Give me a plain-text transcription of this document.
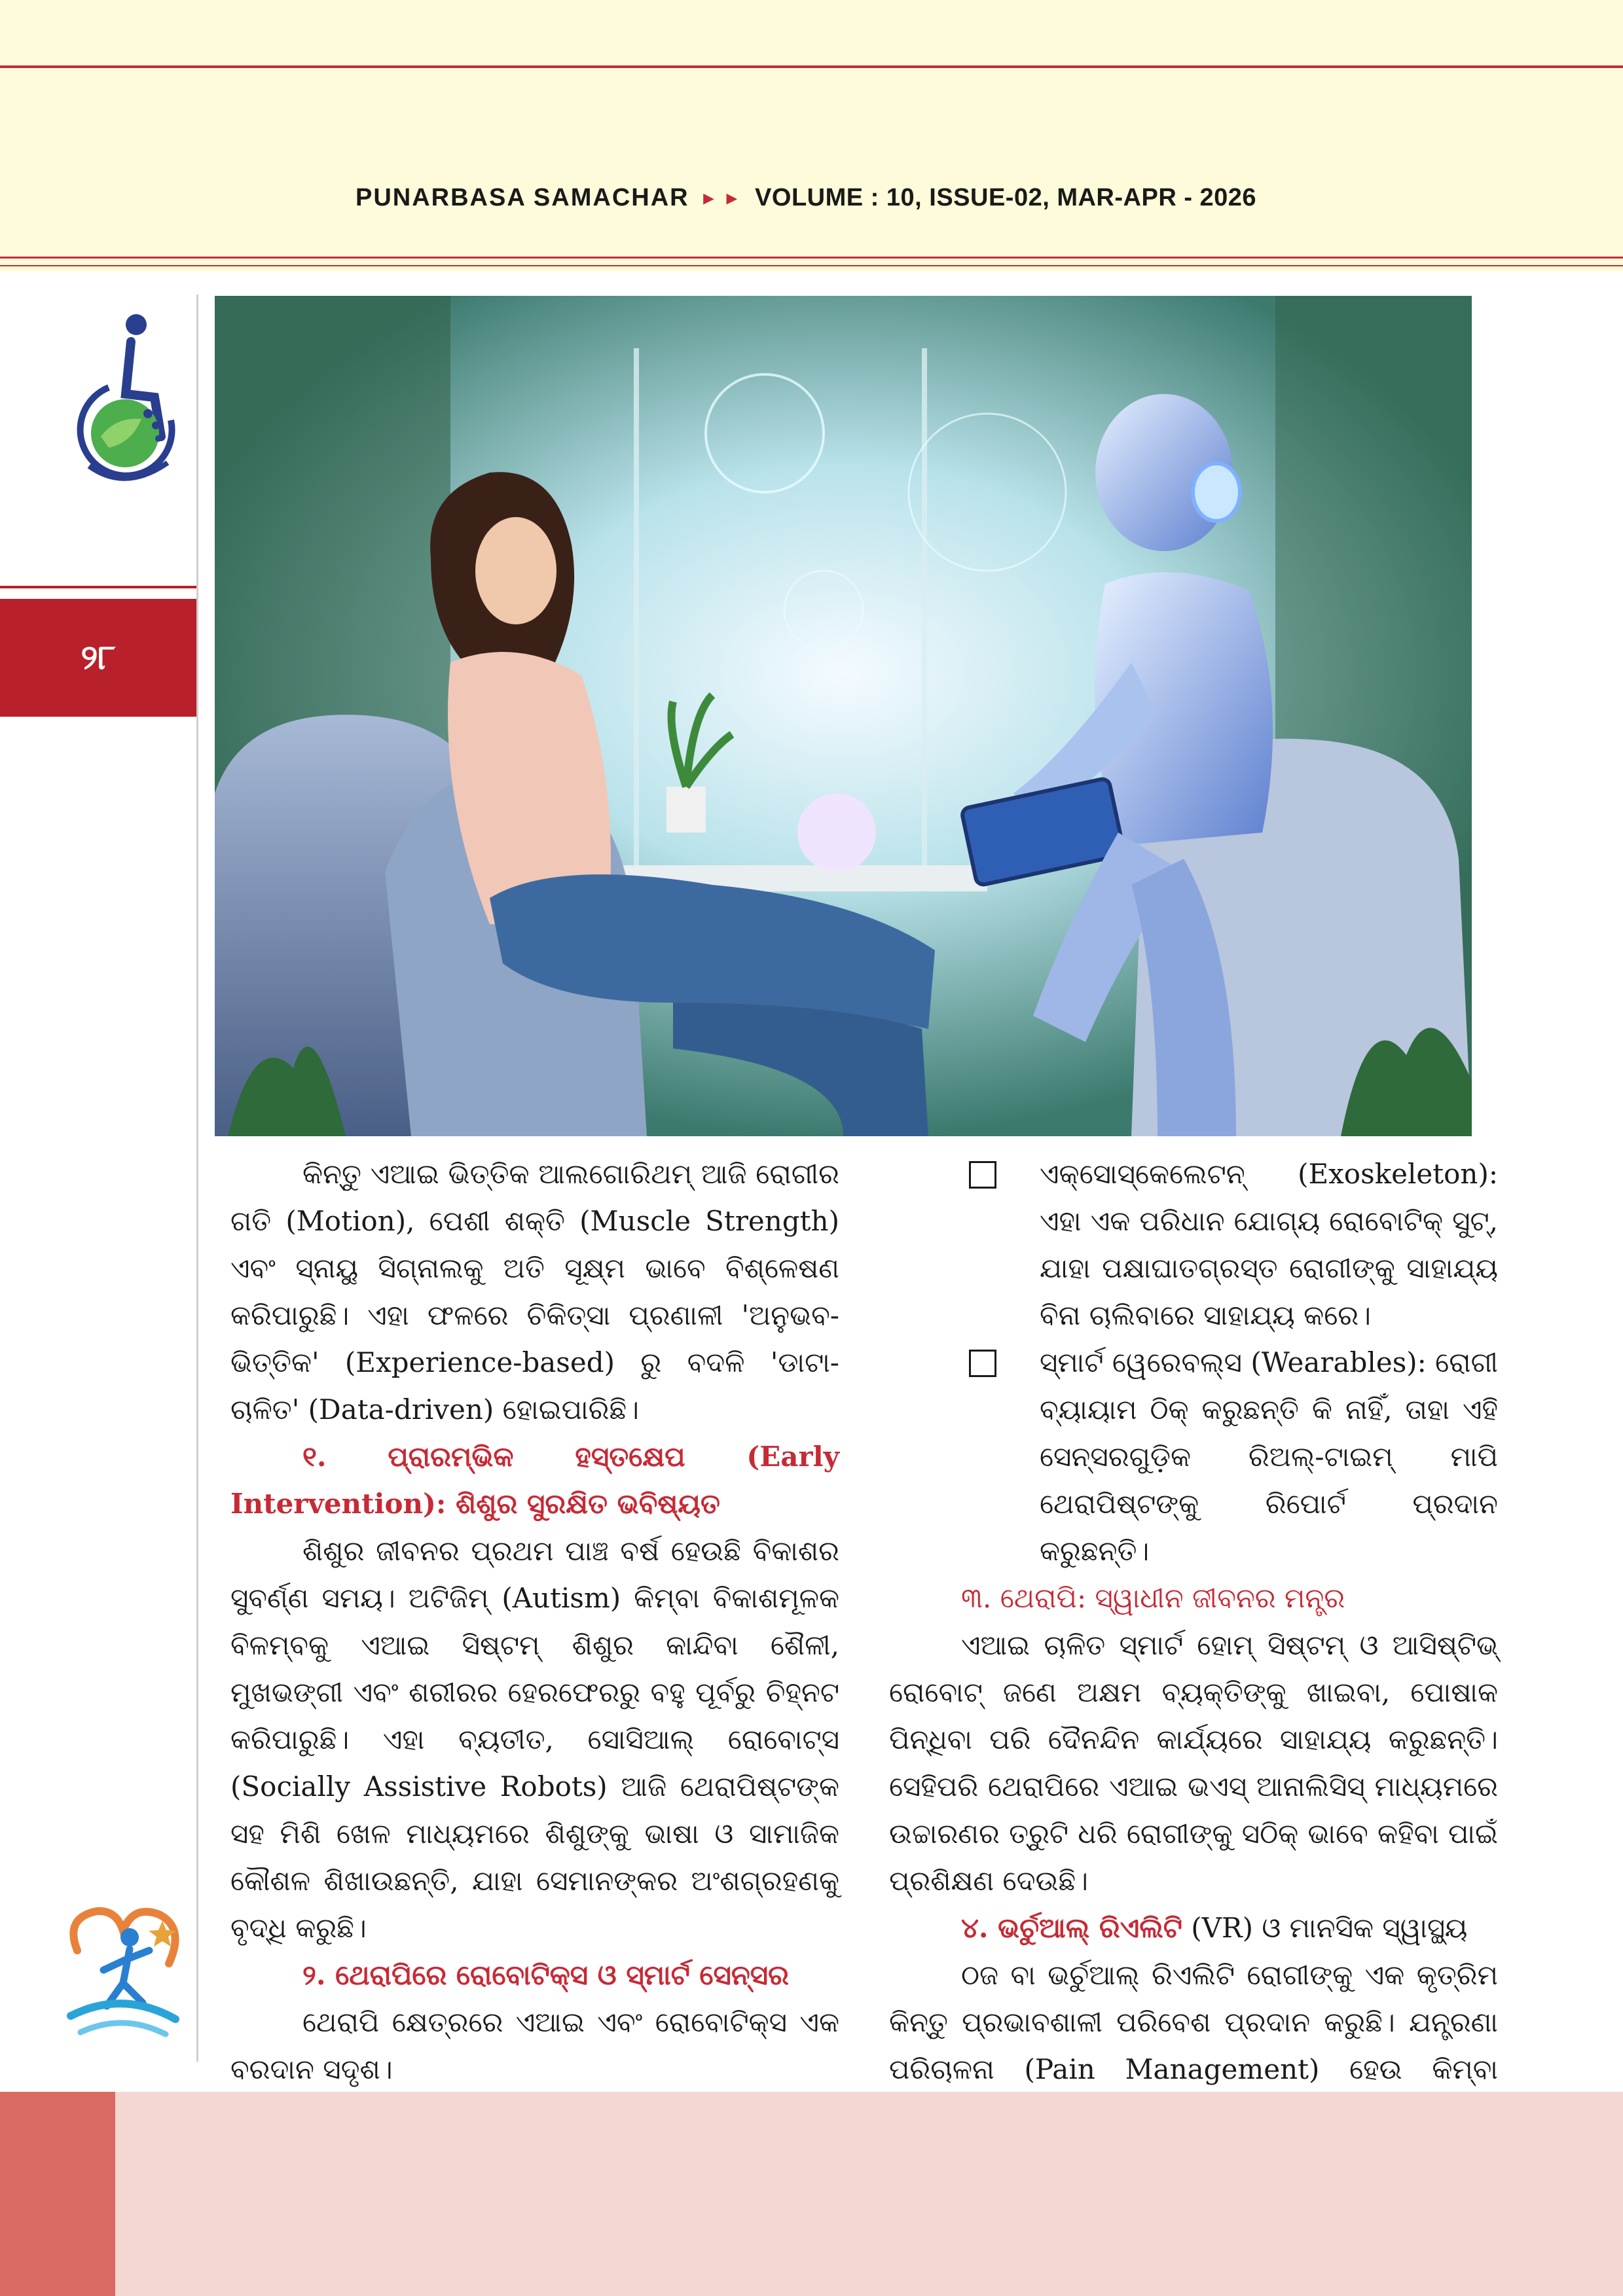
PUNARBASA SAMACHAR ▸ ▸ VOLUME : 10, ISSUE-02, MAR-APR - 2026
୨୮

କିନ୍ତୁ ଏଆଇ ଭିତ୍ତିକ ଆଲଗୋରିଥମ୍ ଆଜି ରୋଗୀର ଗତି (Motion), ପେଶୀ ଶକ୍ତି (Muscle Strength) ଏବଂ ସ୍ନାୟୁ ସିଗ୍ନାଲକୁ ଅତି ସୂକ୍ଷ୍ମ ଭାବେ ବିଶ୍ଳେଷଣ କରିପାରୁଛି। ଏହା ଫଳରେ ଚିକିତ୍ସା ପ୍ରଣାଳୀ 'ଅନୁଭବ-ଭିତ୍ତିକ' (Experience-based) ରୁ ବଦଳି 'ଡାଟା-ଚାଳିତ' (Data-driven) ହୋଇପାରିଛି।

୧. ପ୍ରାରମ୍ଭିକ ହସ୍ତକ୍ଷେପ (Early Intervention): ଶିଶୁର ସୁରକ୍ଷିତ ଭବିଷ୍ୟତ

ଶିଶୁର ଜୀବନର ପ୍ରଥମ ପାଞ୍ଚ ବର୍ଷ ହେଉଛି ବିକାଶର ସୁବର୍ଣ୍ଣ ସମୟ। ଅଟିଜିମ୍ (Autism) କିମ୍ବା ବିକାଶମୂଳକ ବିଳମ୍ବକୁ ଏଆଇ ସିଷ୍ଟମ୍ ଶିଶୁର କାନ୍ଦିବା ଶୈଳୀ, ମୁଖଭଙ୍ଗୀ ଏବଂ ଶରୀରର ହେରଫେରରୁ ବହୁ ପୂର୍ବରୁ ଚିହ୍ନଟ କରିପାରୁଛି। ଏହା ବ୍ୟତୀତ, ସୋସିଆଲ୍ ରୋବୋଟ୍ସ (Socially Assistive Robots) ଆଜି ଥେରାପିଷ୍ଟଙ୍କ ସହ ମିଶି ଖେଳ ମାଧ୍ୟମରେ ଶିଶୁଙ୍କୁ ଭାଷା ଓ ସାମାଜିକ କୌଶଳ ଶିଖାଉଛନ୍ତି, ଯାହା ସେମାନଙ୍କର ଅଂଶଗ୍ରହଣକୁ ବୃଦ୍ଧି କରୁଛି।

୨. ଥେରାପିରେ ରୋବୋଟିକ୍ସ ଓ ସ୍ମାର୍ଟ ସେନ୍ସର

ଥେରାପି କ୍ଷେତ୍ରରେ ଏଆଇ ଏବଂ ରୋବୋଟିକ୍ସ ଏକ ବରଦାନ ସଦୃଶ।

ଏକ୍ସୋସ୍କେଲେଟନ୍ (Exoskeleton): ଏହା ଏକ ପରିଧାନ ଯୋଗ୍ୟ ରୋବୋଟିକ୍ ସୁଟ୍, ଯାହା ପକ୍ଷାଘାତଗ୍ରସ୍ତ ରୋଗୀଙ୍କୁ ସାହାଯ୍ୟ ବିନା ଚାଲିବାରେ ସାହାଯ୍ୟ କରେ।
ସ୍ମାର୍ଟ ୱେରେବଲ୍ସ (Wearables): ରୋଗୀ ବ୍ୟାୟାମ ଠିକ୍ କରୁଛନ୍ତି କି ନାହିଁ, ତାହା ଏହି ସେନ୍ସରଗୁଡ଼ିକ ରିଅଲ୍-ଟାଇମ୍ ମାପି ଥେରାପିଷ୍ଟଙ୍କୁ ରିପୋର୍ଟ ପ୍ରଦାନ କରୁଛନ୍ତି।

୩. ଥେରାପି: ସ୍ୱାଧୀନ ଜୀବନର ମନ୍ତ୍ର

ଏଆଇ ଚାଳିତ ସ୍ମାର୍ଟ ହୋମ୍ ସିଷ୍ଟମ୍ ଓ ଆସିଷ୍ଟିଭ୍ ରୋବୋଟ୍ ଜଣେ ଅକ୍ଷମ ବ୍ୟକ୍ତିଙ୍କୁ ଖାଇବା, ପୋଷାକ ପିନ୍ଧିବା ପରି ଦୈନନ୍ଦିନ କାର୍ଯ୍ୟରେ ସାହାଯ୍ୟ କରୁଛନ୍ତି। ସେହିପରି ଥେରାପିରେ ଏଆଇ ଭଏସ୍ ଆନାଲିସିସ୍ ମାଧ୍ୟମରେ ଉଚ୍ଚାରଣର ତ୍ରୁଟି ଧରି ରୋଗୀଙ୍କୁ ସଠିକ୍ ଭାବେ କହିବା ପାଇଁ ପ୍ରଶିକ୍ଷଣ ଦେଉଛି।

୪. ଭର୍ଚୁଆଲ୍ ରିଏଲିଟି (VR) ଓ ମାନସିକ ସ୍ୱାସ୍ଥ୍ୟ

ଠଜ ବା ଭର୍ଚୁଆଲ୍ ରିଏଲିଟି ରୋଗୀଙ୍କୁ ଏକ କୃତ୍ରିମ କିନ୍ତୁ ପ୍ରଭାବଶାଳୀ ପରିବେଶ ପ୍ରଦାନ କରୁଛି। ଯନ୍ତ୍ରଣା ପରିଚାଳନା (Pain Management) ହେଉ କିମ୍ବା
